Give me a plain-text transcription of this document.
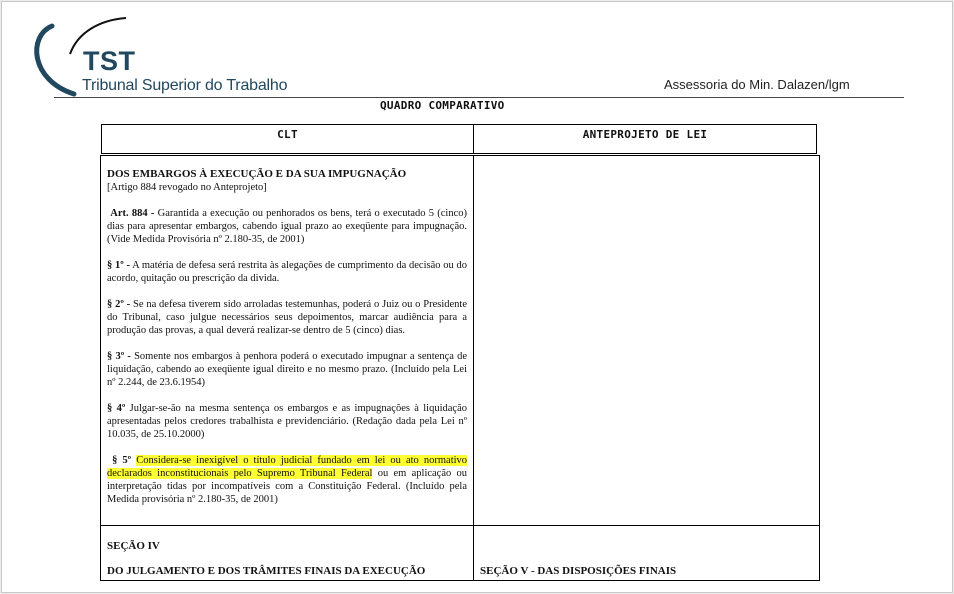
TST
Tribunal Superior do Trabalho	Assessoria do Min. Dalazen/lgm
QUADRO COMPARATIVO
CLT	ANTEPROJETO DE LEI

DOS EMBARGOS À EXECUÇÃO E DA SUA IMPUGNAÇÃO

[Artigo 884 revogado no Anteprojeto]

Art. 884 - Garantida a execução ou penhorados os bens, terá o executado 5 (cinco) dias para apresentar embargos, cabendo igual prazo ao exeqüente para impugnação. (Vide Medida Provisória nº 2.180-35, de 2001)

§ 1º - A matéria de defesa será restrita às alegações de cumprimento da decisão ou do acordo, quitação ou prescrição da divida.

§ 2º - Se na defesa tiverem sido arroladas testemunhas, poderá o Juiz ou o Presidente do Tribunal, caso julgue necessários seus depoimentos, marcar audiência para a produção das provas, a qual deverá realizar-se dentro de 5 (cinco) dias.

§ 3º - Somente nos embargos à penhora poderá o executado impugnar a sentença de liquidação, cabendo ao exeqüente igual direito e no mesmo prazo. (Incluído pela Lei nº 2.244, de 23.6.1954)

§ 4º Julgar-se-ão na mesma sentença os embargos e as impugnações à liquidação apresentadas pelos credores trabalhista e previdenciário. (Redação dada pela Lei nº 10.035, de 25.10.2000)

§ 5º Considera-se inexigível o título judicial fundado em lei ou ato normativo declarados inconstitucionais pelo Supremo Tribunal Federal ou em aplicação ou interpretação tidas por incompatíveis com a Constituição Federal. (Incluído pela Medida provisória nº 2.180-35, de 2001)

SEÇÃO IV
DO JULGAMENTO E DOS TRÂMITES FINAIS DA EXECUÇÃO	SEÇÃO V - DAS DISPOSIÇÕES FINAIS
